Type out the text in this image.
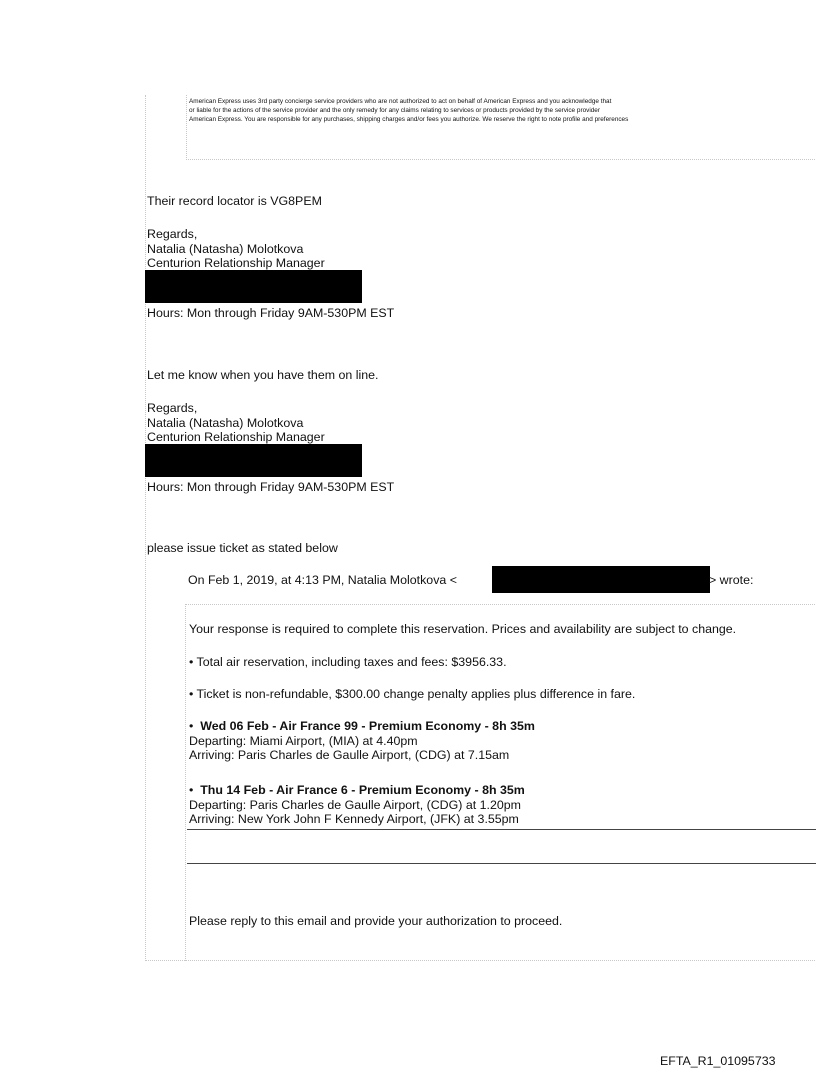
American Express uses 3rd party concierge service providers who are not authorized to act on behalf of American Express and you acknowledge that
or liable for the actions of the service provider and the only remedy for any claims relating to services or products provided by the service provider
American Express. You are responsible for any purchases, shipping charges and/or fees you authorize. We reserve the right to note profile and preferences
Their record locator is VG8PEM
Regards,
Natalia (Natasha) Molotkova
Centurion Relationship Manager
Hours: Mon through Friday 9AM-530PM EST
Let me know when you have them on line.
Regards,
Natalia (Natasha) Molotkova
Centurion Relationship Manager
Hours: Mon through Friday 9AM-530PM EST
please issue ticket as stated below
On Feb 1, 2019, at 4:13 PM, Natalia Molotkova <	> wrote:
Your response is required to complete this reservation. Prices and availability are subject to change.
• Total air reservation, including taxes and fees: $3956.33.
• Ticket is non-refundable, $300.00 change penalty applies plus difference in fare.
• Wed 06 Feb - Air France 99 - Premium Economy - 8h 35m
Departing: Miami Airport, (MIA) at 4.40pm
Arriving: Paris Charles de Gaulle Airport, (CDG) at 7.15am
• Thu 14 Feb - Air France 6 - Premium Economy - 8h 35m
Departing: Paris Charles de Gaulle Airport, (CDG) at 1.20pm
Arriving: New York John F Kennedy Airport, (JFK) at 3.55pm
Please reply to this email and provide your authorization to proceed.
EFTA_R1_01095733
